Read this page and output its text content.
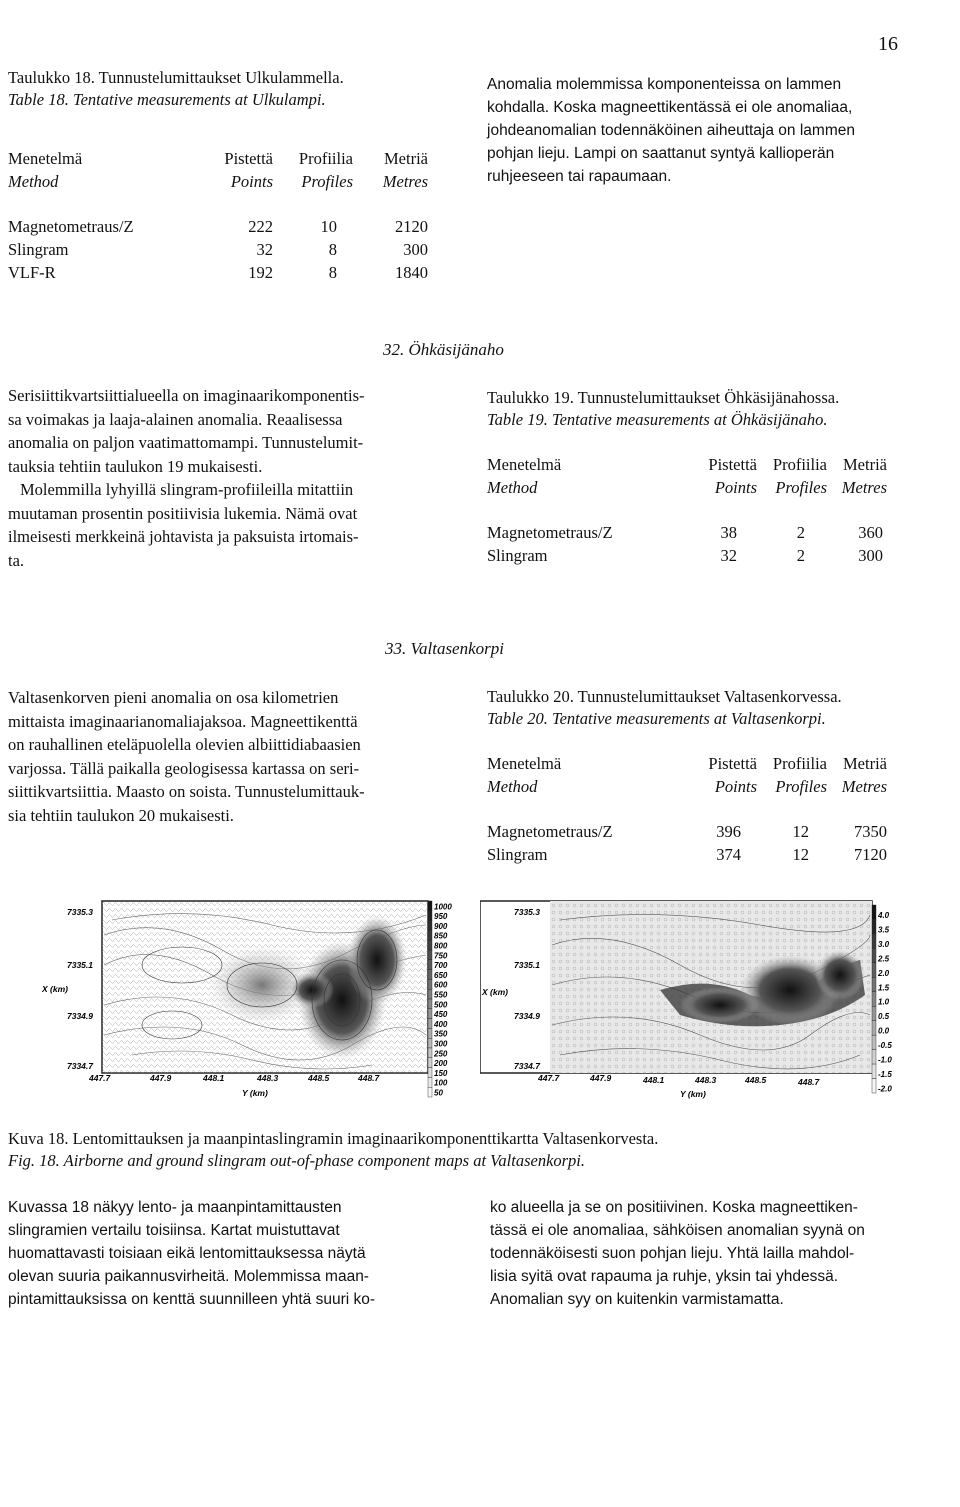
16
Taulukko 18. Tunnustelumittaukset Ulkulammella.
Table 18. Tentative measurements at Ulkulampi.
Menetelmä	Pistettä	Profiilia	Metriä
Method	Points	Profiles	Metres

Magnetometraus/Z	222	10	2120
Slingram	32	8	300
VLF-R	192	8	1840
Anomalia molemmissa komponenteissa on lammen
kohdalla. Koska magneettikentässä ei ole anomaliaa,
johdeanomalian todennäköinen aiheuttaja on lammen
pohjan lieju. Lampi on saattanut syntyä kallioperän
ruhjeeseen tai rapaumaan.
32. Öhkäsijänaho

Serisiittikvartsiittialueella on imaginaarikomponentis-

sa voimakas ja laaja-alainen anomalia. Reaalisessa

anomalia on paljon vaatimattomampi. Tunnustelumit-

tauksia tehtiin taulukon 19 mukaisesti.

Molemmilla lyhyillä slingram-profiileilla mitattiin

muutaman prosentin positiivisia lukemia. Nämä ovat

ilmeisesti merkkeinä johtavista ja paksuista irtomais-

ta.

Taulukko 19. Tunnustelumittaukset Öhkäsijänahossa.
Table 19. Tentative measurements at Öhkäsijänaho.
Menetelmä	Pistettä	Profiilia	Metriä
Method	Points	Profiles	Metres

Magnetometraus/Z	38	2	360
Slingram	32	2	300
33. Valtasenkorpi

Valtasenkorven pieni anomalia on osa kilometrien

mittaista imaginaarianomaliajaksoa. Magneettikenttä

on rauhallinen eteläpuolella olevien albiittidiabaasien

varjossa. Tällä paikalla geologisessa kartassa on seri-

siittikvartsiittia. Maasto on soista. Tunnustelumittauk-

sia tehtiin taulukon 20 mukaisesti.

Taulukko 20. Tunnustelumittaukset Valtasenkorvessa.
Table 20. Tentative measurements at Valtasenkorpi.
Menetelmä	Pistettä	Profiilia	Metriä
Method	Points	Profiles	Metres

Magnetometraus/Z	396	12	7350
Slingram	374	12	7120
7335.3
7335.1
7334.9
7334.7
X (km)
447.7	447.9	448.1	448.3	448.5	448.7
Y (km)
1000
950
900
850
800
750
700
650
600
550
500
450
400
350
300
250
200
150
100
50
7335.3
7335.1
7334.9
7334.7
X (km)
447.7	447.9	448.1	448.3	448.5	448.7
Y (km)
4.0
3.5
3.0
2.5
2.0
1.5
1.0
0.5
0.0
-0.5
-1.0
-1.5
-2.0
Kuva 18. Lentomittauksen ja maanpintaslingramin imaginaarikomponenttikartta Valtasenkorvesta.
Fig. 18. Airborne and ground slingram out-of-phase component maps at Valtasenkorpi.
Kuvassa 18 näkyy lento- ja maanpintamittausten
slingramien vertailu toisiinsa. Kartat muistuttavat
huomattavasti toisiaan eikä lentomittauksessa näytä
olevan suuria paikannusvirheitä. Molemmissa maan-
pintamittauksissa on kenttä suunnilleen yhtä suuri ko-
ko alueella ja se on positiivinen. Koska magneettiken-
tässä ei ole anomaliaa, sähköisen anomalian syynä on
todennäköisesti suon pohjan lieju. Yhtä lailla mahdol-
lisia syitä ovat rapauma ja ruhje, yksin tai yhdessä.
Anomalian syy on kuitenkin varmistamatta.
